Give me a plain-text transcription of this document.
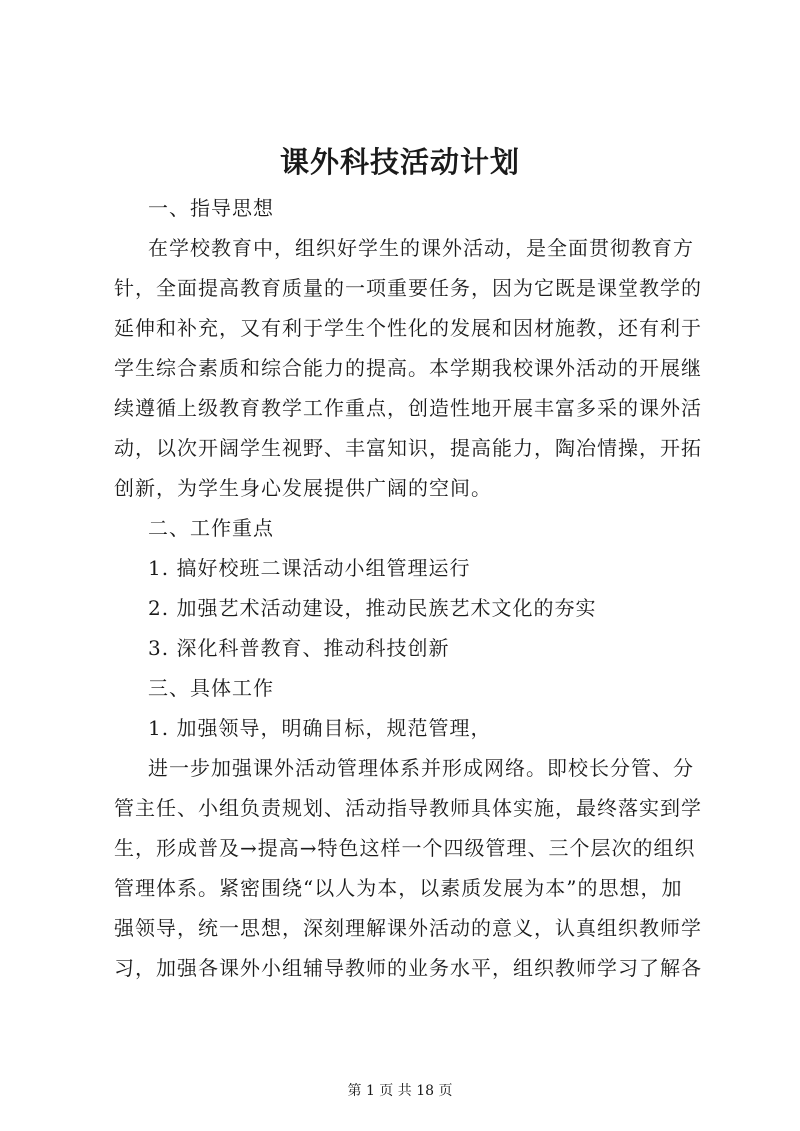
课外科技活动计划
一、指导思想
在学校教育中，组织好学生的课外活动，是全面贯彻教育方
针，全面提高教育质量的一项重要任务，因为它既是课堂教学的
延伸和补充，又有利于学生个性化的发展和因材施教，还有利于
学生综合素质和综合能力的提高。本学期我校课外活动的开展继
续遵循上级教育教学工作重点，创造性地开展丰富多采的课外活
动，以次开阔学生视野、丰富知识，提高能力，陶冶情操，开拓
创新，为学生身心发展提供广阔的空间。
二、工作重点
1. 搞好校班二课活动小组管理运行
2. 加强艺术活动建设，推动民族艺术文化的夯实
3. 深化科普教育、推动科技创新
三、具体工作
1. 加强领导，明确目标，规范管理，
进一步加强课外活动管理体系并形成网络。即校长分管、分
管主任、小组负责规划、活动指导教师具体实施，最终落实到学
生，形成普及→提高→特色这样一个四级管理、三个层次的组织
管理体系。紧密围绕“以人为本，以素质发展为本”的思想，加
强领导，统一思想，深刻理解课外活动的意义，认真组织教师学
习，加强各课外小组辅导教师的业务水平，组织教师学习了解各
第 1 页 共 18 页
